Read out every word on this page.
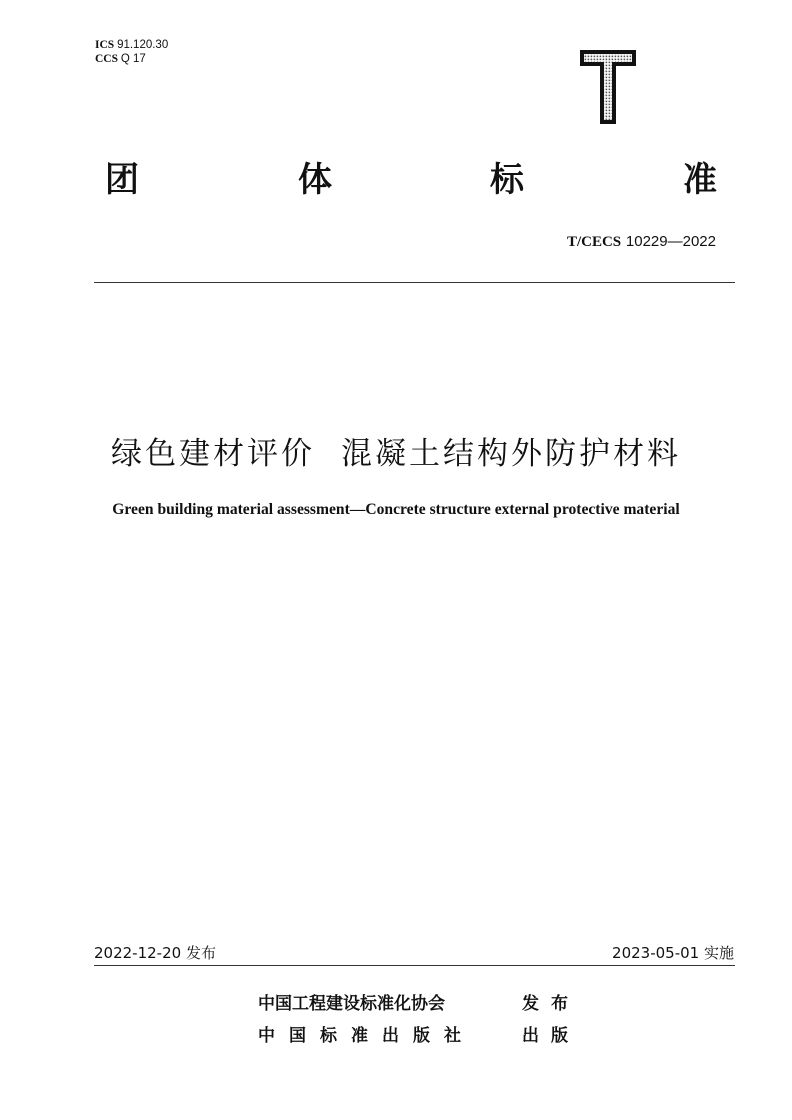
ICS 91.120.30
CCS Q 17
团	体	标	准
T/CECS 10229—2022
绿色建材评价 混凝土结构外防护材料
Green building material assessment—Concrete structure external protective material
2022-12-20 发布	2023-05-01 实施
中国工程建设标准化协会	发布
中国标准出版社	出版
